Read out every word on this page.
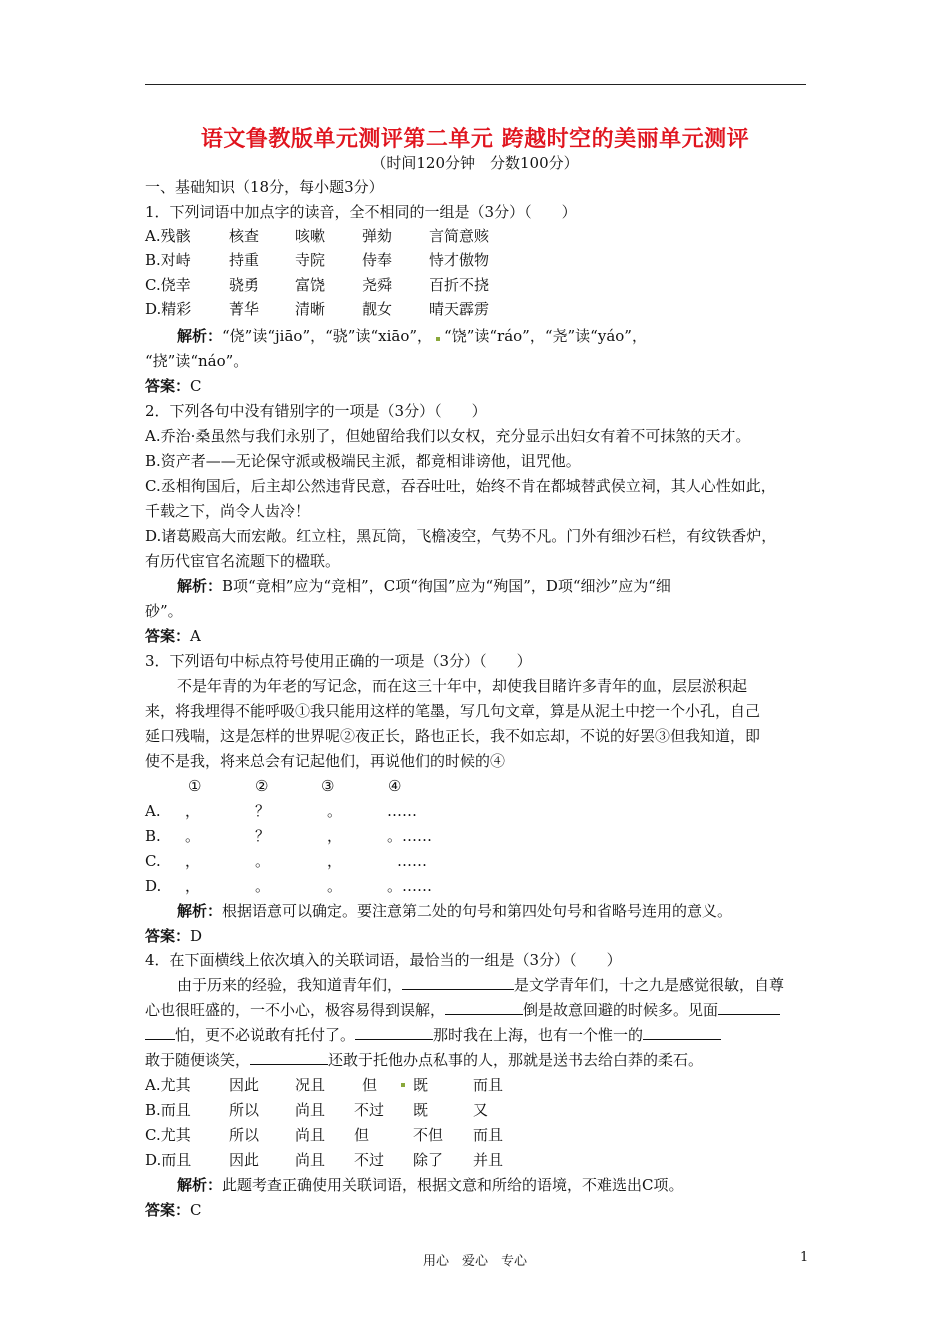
语文鲁教版单元测评第二单元 跨越时空的美丽单元测评
（时间120分钟　分数100分）
一、基础知识（18分，每小题3分）
1．下列词语中加点字的读音，全不相同的一组是（3分）（　　）
A.残骸	核查 咳嗽 弹劾 言简意赅
B.对峙	持重 寺院 侍奉 恃才傲物
C.侥幸	骁勇 富饶 尧舜 百折不挠
D.精彩	菁华 清晰 靓女 晴天霹雳
解析：“侥”读“jiāo”，“骁”读“xiāo”， “饶”读“ráo”，“尧”读“yáo”，
“挠”读“náo”。
答案：C
2．下列各句中没有错别字的一项是（3分）（　　）
A.乔治·桑虽然与我们永别了，但她留给我们以女权，充分显示出妇女有着不可抹煞的天才。
B.资产者——无论保守派或极端民主派，都竟相诽谤他，诅咒他。
C.丞相徇国后，后主却公然违背民意，吞吞吐吐，始终不肯在都城替武侯立祠，其人心性如此，
千载之下，尚令人齿冷！
D.诸葛殿高大而宏敞。红立柱，黑瓦筒，飞檐凌空，气势不凡。门外有细沙石栏，有纹铁香炉，
有历代宦官名流题下的楹联。
解析：B项“竟相”应为“竞相”，C项“徇国”应为“殉国”，D项“细沙”应为“细
砂”。
答案：A
3．下列语句中标点符号使用正确的一项是（3分）（　　）
不是年青的为年老的写记念，而在这三十年中，却使我目睹许多青年的血，层层淤积起
来，将我埋得不能呼吸①我只能用这样的笔墨，写几句文章，算是从泥土中挖一个小孔，自己
延口残喘，这是怎样的世界呢②夜正长，路也正长，我不如忘却，不说的好罢③但我知道，即
使不是我，将来总会有记起他们，再说他们的时候的④
①	②	③	④
A. ，	？	。	……
B. 。	？	，	。……
C. ，	。	，	……
D. ，	。	。	。……
解析：根据语意可以确定。要注意第二处的句号和第四处句号和省略号连用的意义。
答案：D
4．在下面横线上依次填入的关联词语，最恰当的一组是（3分）（　　）
由于历来的经验，我知道青年们，	是文学青年们，十之九是感觉很敏，自尊
心也很旺盛的，一不小心，极容易得到误解，	倒是故意回避的时候多。见面
怕，更不必说敢有托付了。	那时我在上海，也有一个惟一的
敢于随便谈笑，	还敢于托他办点私事的人，那就是送书去给白莽的柔石。
A.尤其	因此 况且 但 既	而且
B.而且	所以 尚且 不过 既	又
C.尤其	所以 尚且 但	不但 而且
D.而且	因此 尚且 不过 除了 并且
解析：此题考查正确使用关联词语，根据文意和所给的语境，不难选出C项。
答案：C
用心　爱心　专心	1
